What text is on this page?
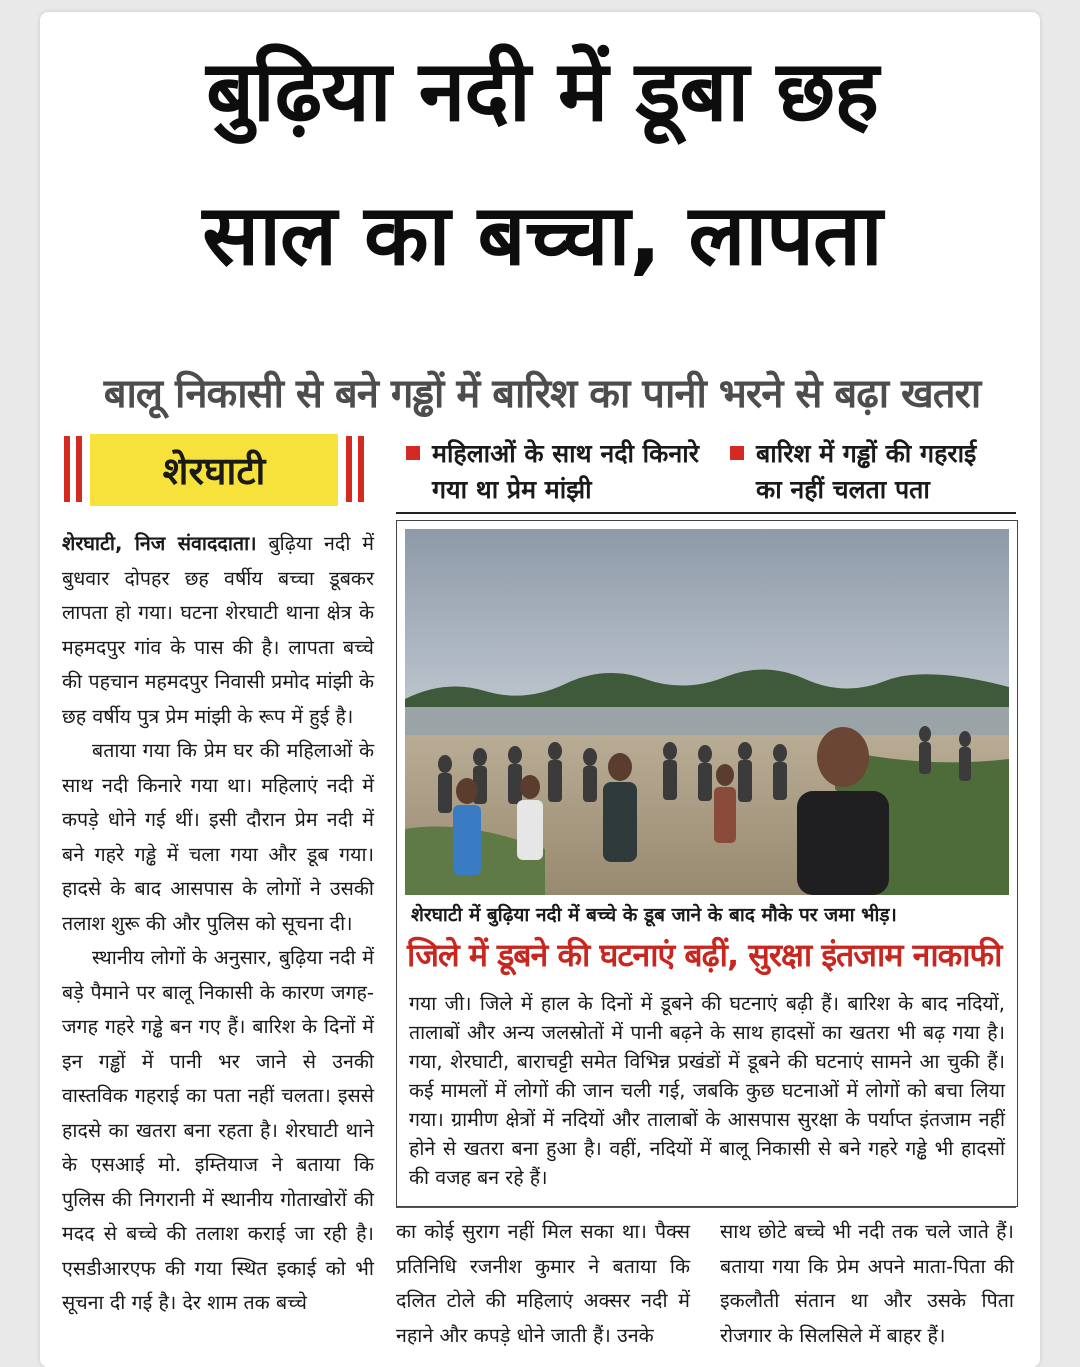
बुढ़िया नदी में डूबा छह
साल का बच्चा, लापता
बालू निकासी से बने गड्ढों में बारिश का पानी भरने से बढ़ा खतरा
शेरघाटी	महिलाओं के साथ नदी किनारे
गया था प्रेम मांझी
बारिश में गड्ढों की गहराई
का नहीं चलता पता

शेरघाटी, निज संवाददाता। बुढ़िया नदी में बुधवार दोपहर छह वर्षीय बच्चा डूबकर लापता हो गया। घटना शेरघाटी थाना क्षेत्र के महमदपुर गांव के पास की है। लापता बच्चे की पहचान महमदपुर निवासी प्रमोद मांझी के छह वर्षीय पुत्र प्रेम मांझी के रूप में हुई है।

बताया गया कि प्रेम घर की महिलाओं के साथ नदी किनारे गया था। महिलाएं नदी में कपड़े धोने गई थीं। इसी दौरान प्रेम नदी में बने गहरे गड्ढे में चला गया और डूब गया। हादसे के बाद आसपास के लोगों ने उसकी तलाश शुरू की और पुलिस को सूचना दी।

स्थानीय लोगों के अनुसार, बुढ़िया नदी में बड़े पैमाने पर बालू निकासी के कारण जगह-जगह गहरे गड्ढे बन गए हैं। बारिश के दिनों में इन गड्ढों में पानी भर जाने से उनकी वास्तविक गहराई का पता नहीं चलता। इससे हादसे का खतरा बना रहता है। शेरघाटी थाने के एसआई मो. इम्तियाज ने बताया कि पुलिस की निगरानी में स्थानीय गोताखोरों की मदद से बच्चे की तलाश कराई जा रही है। एसडीआरएफ की गया स्थित इकाई को भी सूचना दी गई है। देर शाम तक बच्चे

शेरघाटी में बुढ़िया नदी में बच्चे के डूब जाने के बाद मौके पर जमा भीड़।
जिले में डूबने की घटनाएं बढ़ीं, सुरक्षा इंतजाम नाकाफी

गया जी। जिले में हाल के दिनों में डूबने की घटनाएं बढ़ी हैं। बारिश के बाद नदियों, तालाबों और अन्य जलस्रोतों में पानी बढ़ने के साथ हादसों का खतरा भी बढ़ गया है। गया, शेरघाटी, बाराचट्टी समेत विभिन्न प्रखंडों में डूबने की घटनाएं सामने आ चुकी हैं। कई मामलों में लोगों की जान चली गई, जबकि कुछ घटनाओं में लोगों को बचा लिया गया। ग्रामीण क्षेत्रों में नदियों और तालाबों के आसपास सुरक्षा के पर्याप्त इंतजाम नहीं होने से खतरा बना हुआ है। वहीं, नदियों में बालू निकासी से बने गहरे गड्ढे भी हादसों की वजह बन रहे हैं।

का कोई सुराग नहीं मिल सका था। पैक्स प्रतिनिधि रजनीश कुमार ने बताया कि दलित टोले की महिलाएं अक्सर नदी में नहाने और कपड़े धोने जाती हैं। उनके

साथ छोटे बच्चे भी नदी तक चले जाते हैं। बताया गया कि प्रेम अपने माता-पिता की इकलौती संतान था और उसके पिता रोजगार के सिलसिले में बाहर हैं।
